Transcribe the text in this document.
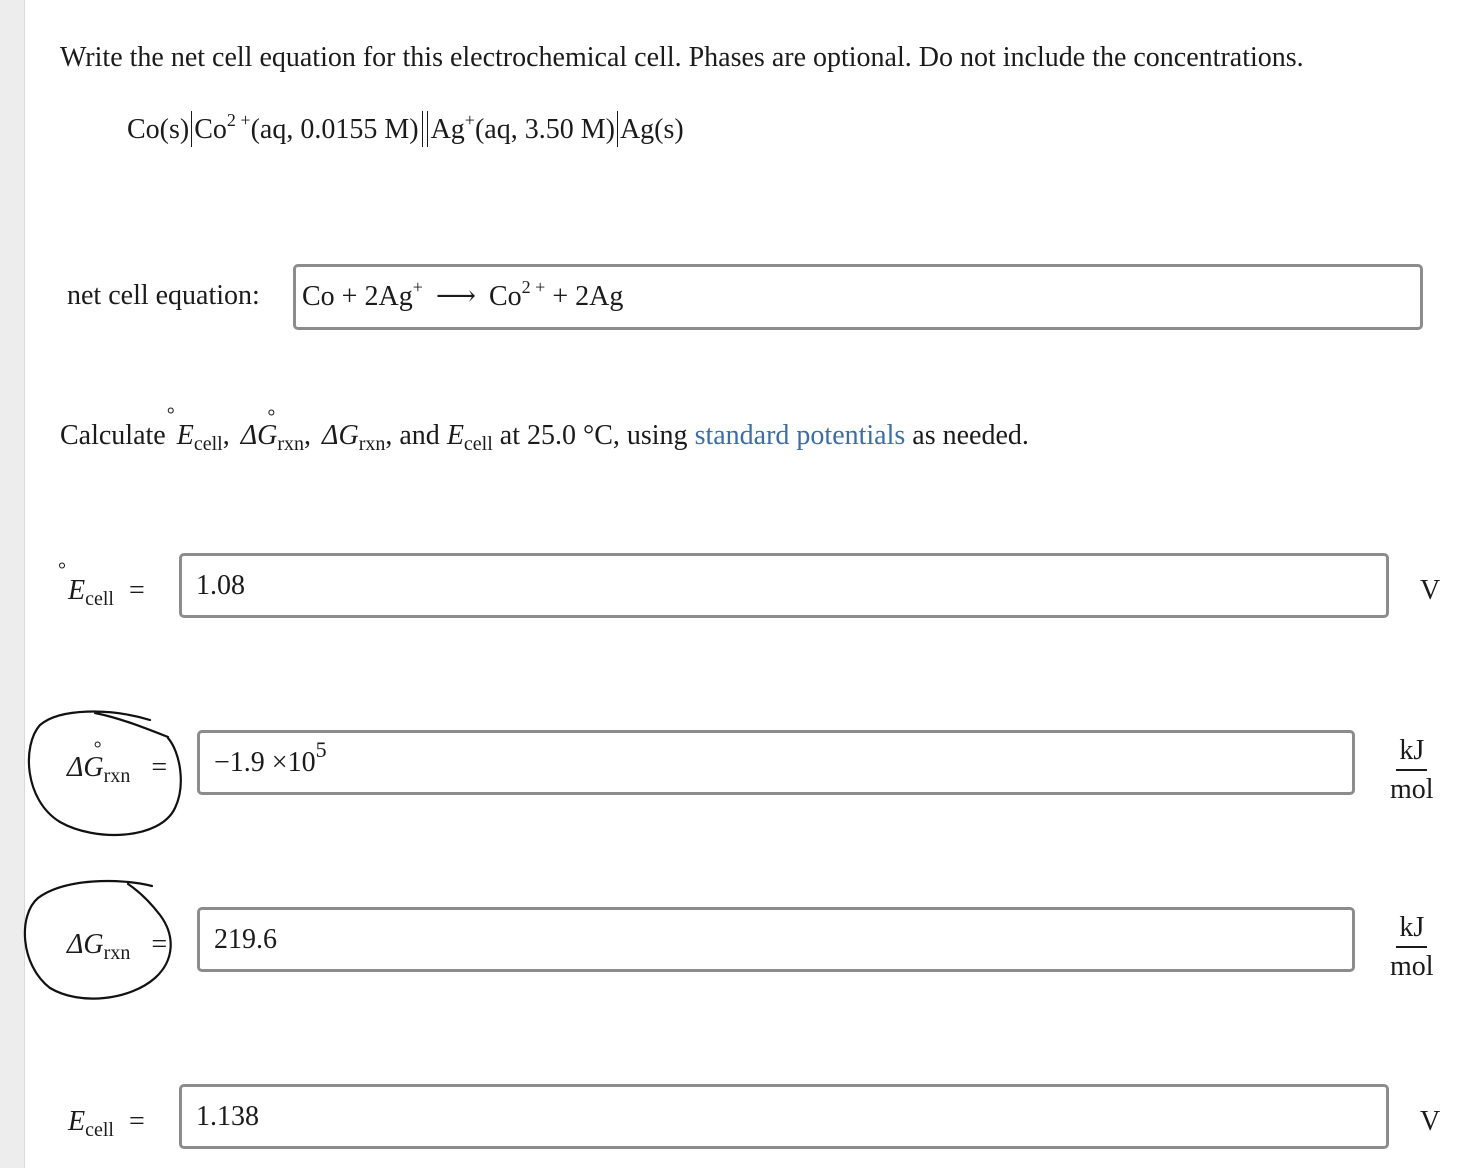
Write the net cell equation for this electrochemical cell. Phases are optional. Do not include the concentrations.
Co(s) $Co^{2 +}(aq$, 0.0155 M) Ag+(aq, 3.50 M) Ag(s)
net cell equation:	Co + 2Ag+ ⟶ $Co^{2 +} + 2Ag$
Calculate E $^\circ_{cell}$, $\Delta G_{rxn}$ °, $\Delta G_{rxn}$, and $E_{cell}$ at 25.0 °C, using standard potentials as needed.
E $^\circ_{cell}$ =	1.08	V
$\Delta G_{rxn}$ ° =	$-1.9 \times 10^5$	kJ
mol
$\Delta G_{rxn}$ =	219.6	kJ
mol
$E_{cell}$ =	1.138	V
